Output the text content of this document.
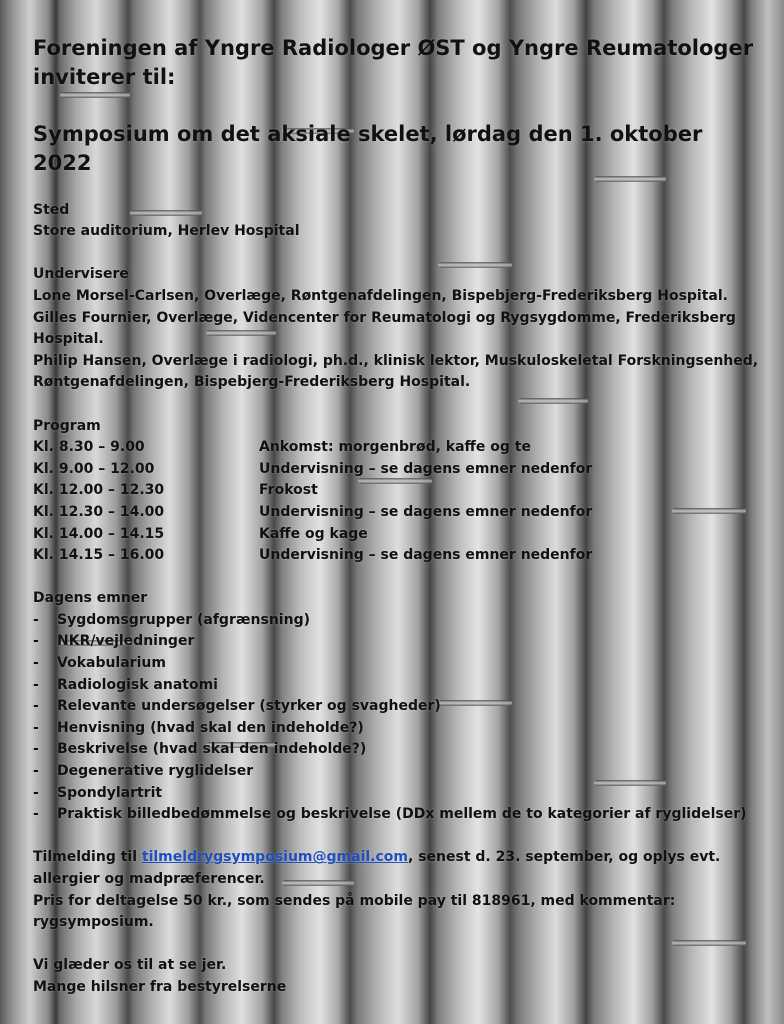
Foreningen af Yngre Radiologer ØST og Yngre Reumatologer
inviterer til:

Symposium om det aksiale skelet, lørdag den 1. oktober 2022

Sted

Store auditorium, Herlev Hospital

Undervisere

Lone Morsel-Carlsen, Overlæge, Røntgenafdelingen, Bispebjerg-Frederiksberg Hospital.

Gilles Fournier, Overlæge, Videncenter for Reumatologi og Rygsygdomme, Frederiksberg Hospital.

Philip Hansen, Overlæge i radiologi, ph.d., klinisk lektor, Muskuloskeletal Forskningsenhed, Røntgenafdelingen, Bispebjerg-Frederiksberg Hospital.

Program

Kl. 8.30 – 9.00	Ankomst: morgenbrød, kaffe og te
Kl. 9.00 – 12.00	Undervisning – se dagens emner nedenfor
Kl. 12.00 – 12.30	Frokost
Kl. 12.30 – 14.00	Undervisning – se dagens emner nedenfor
Kl. 14.00 – 14.15	Kaffe og kage
Kl. 14.15 – 16.00	Undervisning – se dagens emner nedenfor

Dagens emner

-	Sygdomsgrupper (afgrænsning)
-	NKR/vejledninger
-	Vokabularium
-	Radiologisk anatomi
-	Relevante undersøgelser (styrker og svagheder)
-	Henvisning (hvad skal den indeholde?)
-	Beskrivelse (hvad skal den indeholde?)
-	Degenerative ryglidelser
-	Spondylartrit
-	Praktisk billedbedømmelse og beskrivelse (DDx mellem de to kategorier af ryglidelser)

Tilmelding til tilmeldrygsymposium@gmail.com, senest d. 23. september, og oplys evt. allergier og madpræferencer.

Pris for deltagelse 50 kr., som sendes på mobile pay til 818961, med kommentar: rygsymposium.

Vi glæder os til at se jer.

Mange hilsner fra bestyrelserne
